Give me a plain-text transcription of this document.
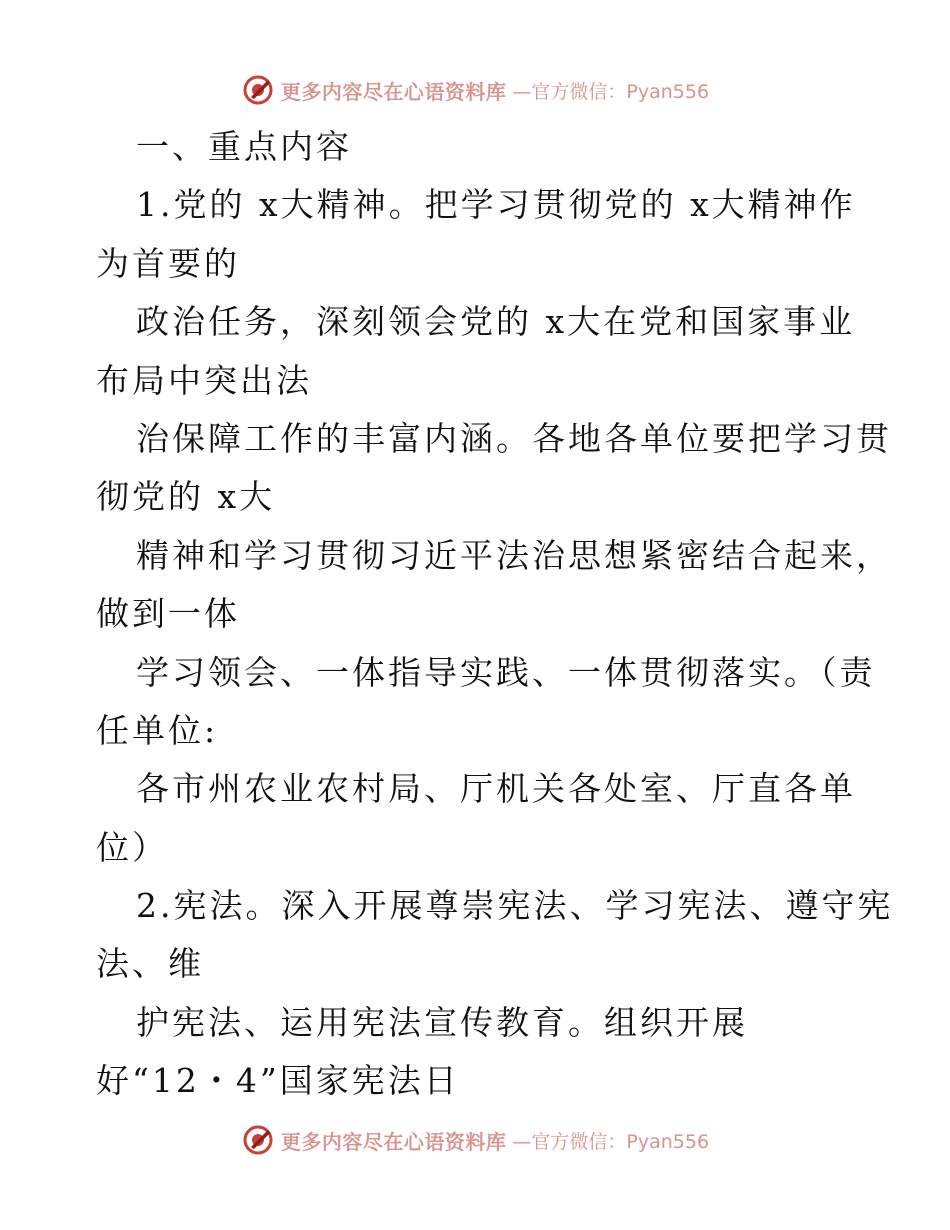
更多内容尽在心语资料库 —官方微信：Pyan556
一、重点内容
1.党的 x大精神。把学习贯彻党的 x大精神作
为首要的
政治任务，深刻领会党的 x大在党和国家事业
布局中突出法
治保障工作的丰富内涵。各地各单位要把学习贯
彻党的 x大
精神和学习贯彻习近平法治思想紧密结合起来，
做到一体
学习领会、一体指导实践、一体贯彻落实。（责
任单位:
各市州农业农村局、厅机关各处室、厅直各单
位）
2.宪法。深入开展尊崇宪法、学习宪法、遵守宪
法、维
护宪法、运用宪法宣传教育。组织开展
好“12・4”国家宪法日
更多内容尽在心语资料库 —官方微信：Pyan556
